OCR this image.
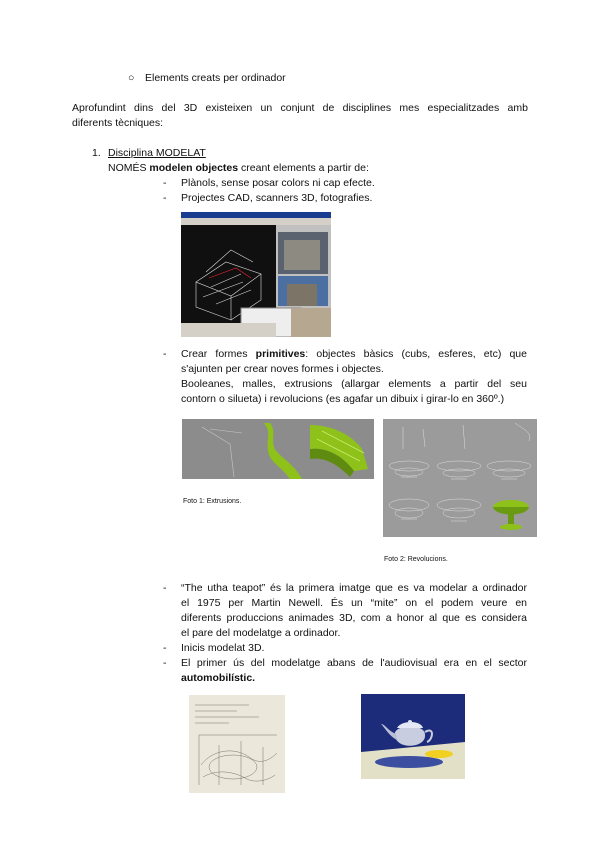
○ Elements creats per ordinador
Aprofundint dins del 3D existeixen un conjunt de disciplines mes especialitzades amb
diferents tècniques:
1. Disciplina MODELAT
NOMÉS modelen objectes creant elements a partir de:
- Plànols, sense posar colors ni cap efecte.
- Projectes CAD, scanners 3D, fotografies.
- Crear formes primitives: objectes bàsics (cubs, esferes, etc) que
s'ajunten per crear noves formes i objectes.
Booleanes, malles, extrusions (allargar elements a partir del seu
contorn o silueta) i revolucions (es agafar un dibuix i girar-lo en 360º.)
Foto 1: Extrusions.
Foto 2: Revolucions.
- “The utha teapot” és la primera imatge que es va modelar a ordinador
el 1975 per Martin Newell. És un “mite” on el podem veure en
diferents produccions animades 3D, com a honor al que es considera
el pare del modelatge a ordinador.
- Inicis modelat 3D.
- El primer ús del modelatge abans de l'audiovisual era en el sector
automobilístic.
